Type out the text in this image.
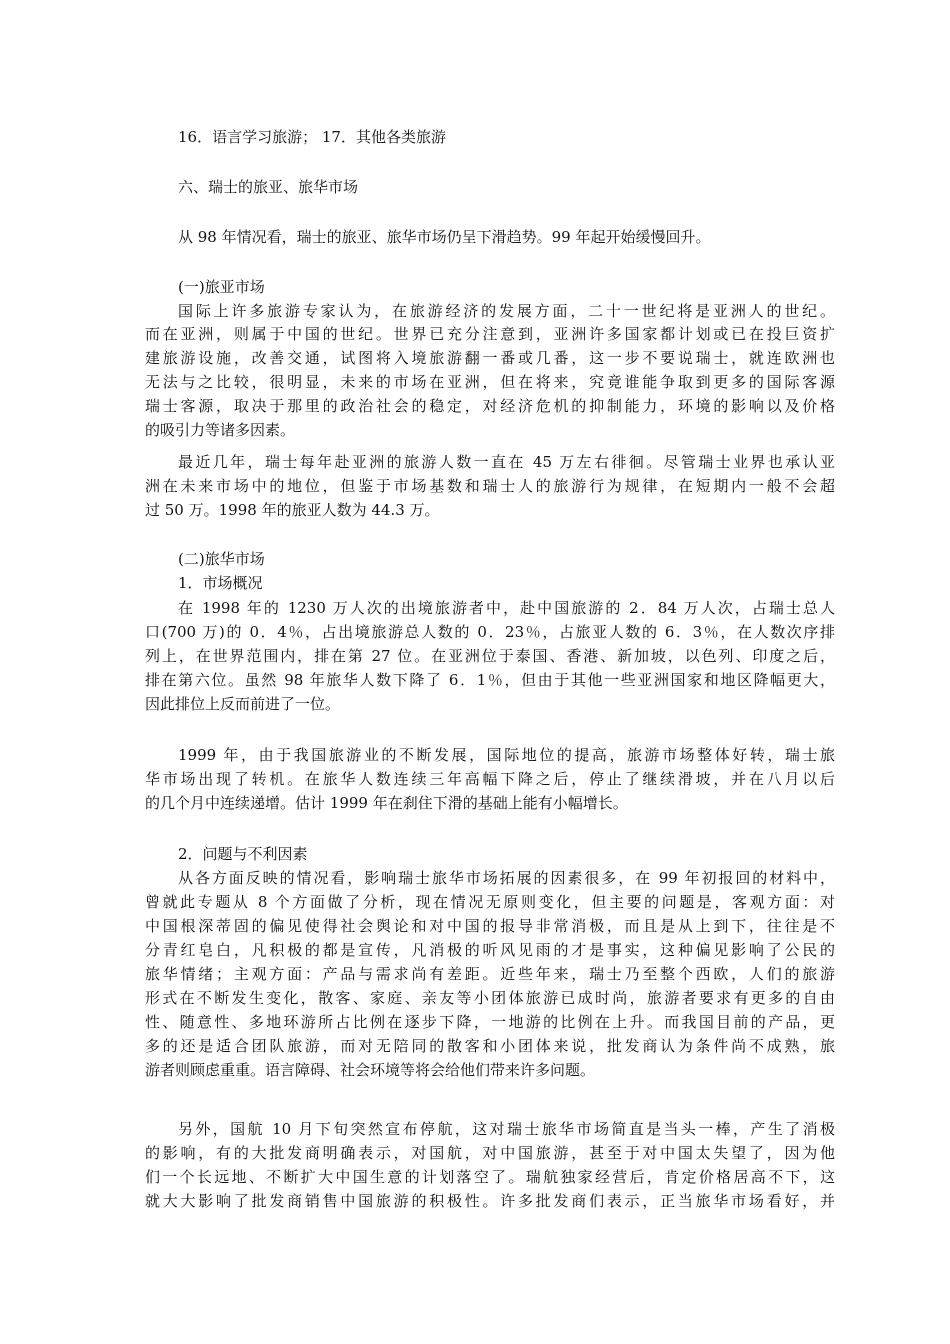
16．语言学习旅游； 17．其他各类旅游

六、瑞士的旅亚、旅华市场

从 98 年情况看，瑞士的旅亚、旅华市场仍呈下滑趋势。99 年起开始缓慢回升。

(一)旅亚市场

国际上许多旅游专家认为，在旅游经济的发展方面，二十一世纪将是亚洲人的世纪。

而在亚洲，则属于中国的世纪。世界已充分注意到，亚洲许多国家都计划或已在投巨资扩

建旅游设施，改善交通，试图将入境旅游翻一番或几番，这一步不要说瑞士，就连欧洲也

无法与之比较，很明显，未来的市场在亚洲，但在将来，究竟谁能争取到更多的国际客源

瑞士客源，取决于那里的政治社会的稳定，对经济危机的抑制能力，环境的影响以及价格

的吸引力等诸多因素。

最近几年，瑞士每年赴亚洲的旅游人数一直在 45 万左右徘徊。尽管瑞士业界也承认亚

洲在未来市场中的地位，但鉴于市场基数和瑞士人的旅游行为规律，在短期内一般不会超

过 50 万。1998 年的旅亚人数为 44.3 万。

(二)旅华市场

1．市场概况

在 1998 年的 1230 万人次的出境旅游者中，赴中国旅游的 2．84 万人次，占瑞士总人

口(700 万)的 0．4％，占出境旅游总人数的 0．23％，占旅亚人数的 6．3％，在人数次序排

列上，在世界范围内，排在第 27 位。在亚洲位于泰国、香港、新加坡，以色列、印度之后，

排在第六位。虽然 98 年旅华人数下降了 6．1％，但由于其他一些亚洲国家和地区降幅更大，

因此排位上反而前进了一位。

1999 年，由于我国旅游业的不断发展，国际地位的提高，旅游市场整体好转，瑞士旅

华市场出现了转机。在旅华人数连续三年高幅下降之后，停止了继续滑坡，并在八月以后

的几个月中连续递增。估计 1999 年在刹住下滑的基础上能有小幅增长。

2．问题与不利因素

从各方面反映的情况看，影响瑞士旅华市场拓展的因素很多，在 99 年初报回的材料中，

曾就此专题从 8 个方面做了分析，现在情况无原则变化，但主要的问题是，客观方面：对

中国根深蒂固的偏见使得社会舆论和对中国的报导非常消极，而且是从上到下，往往是不

分青红皂白，凡积极的都是宣传，凡消极的听风见雨的才是事实，这种偏见影响了公民的

旅华情绪；主观方面：产品与需求尚有差距。近些年来，瑞士乃至整个西欧，人们的旅游

形式在不断发生变化，散客、家庭、亲友等小团体旅游已成时尚，旅游者要求有更多的自由

性、随意性、多地环游所占比例在逐步下降，一地游的比例在上升。而我国目前的产品，更

多的还是适合团队旅游，而对无陪同的散客和小团体来说，批发商认为条件尚不成熟，旅

游者则顾虑重重。语言障碍、社会环境等将会给他们带来许多问题。

另外，国航 10 月下旬突然宣布停航，这对瑞士旅华市场简直是当头一棒，产生了消极

的影响，有的大批发商明确表示，对国航，对中国旅游，甚至于对中国太失望了，因为他

们一个长远地、不断扩大中国生意的计划落空了。瑞航独家经营后，肯定价格居高不下，这

就大大影响了批发商销售中国旅游的积极性。许多批发商们表示，正当旅华市场看好，并
